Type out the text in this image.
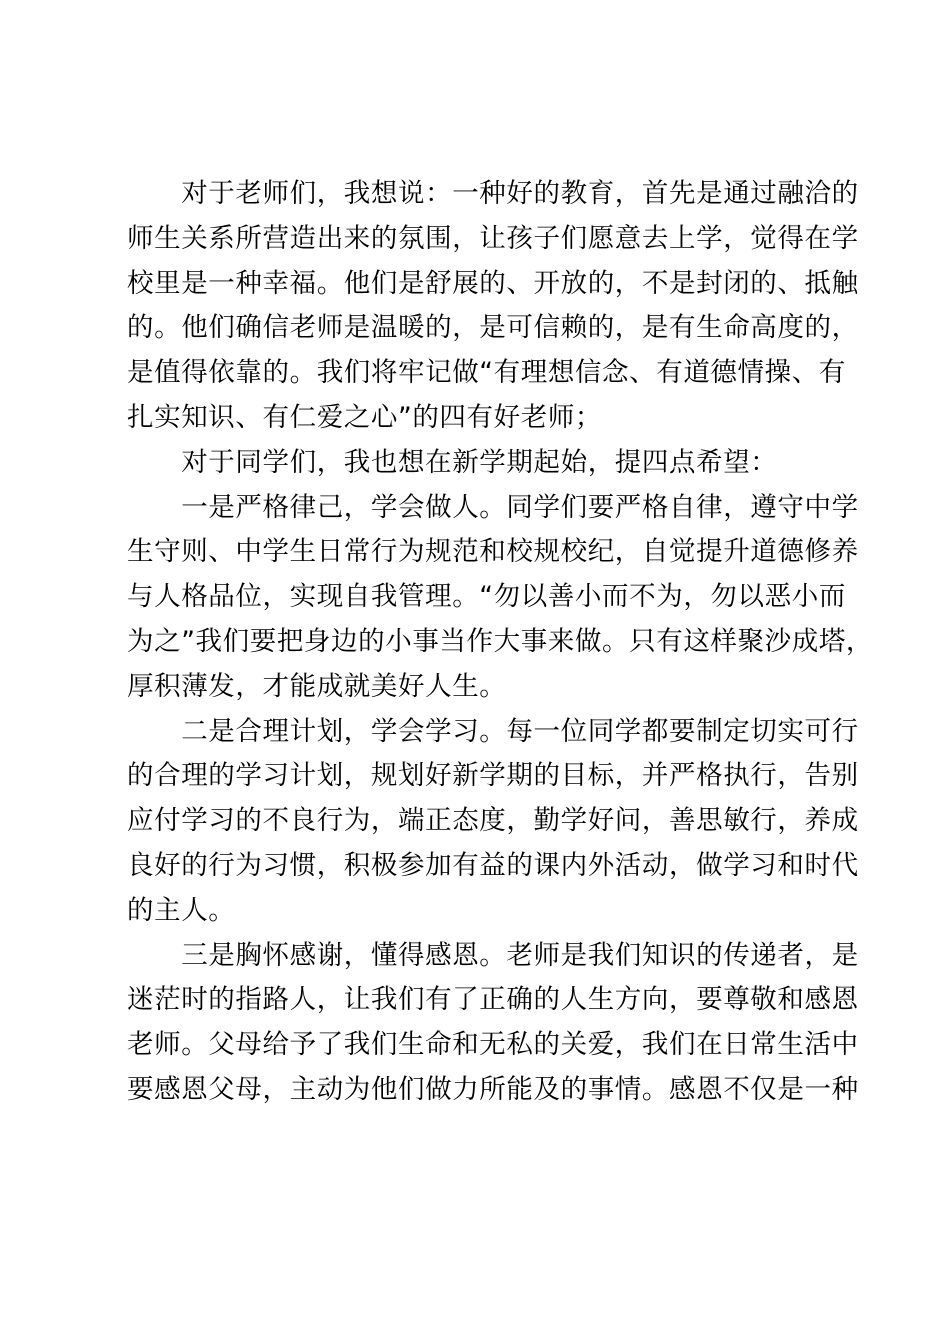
　　对于老师们，我想说：一种好的教育，首先是通过融洽的
师生关系所营造出来的氛围，让孩子们愿意去上学，觉得在学
校里是一种幸福。他们是舒展的、开放的，不是封闭的、抵触
的。他们确信老师是温暖的，是可信赖的，是有生命高度的，
是值得依靠的。我们将牢记做“有理想信念、有道德情操、有
扎实知识、有仁爱之心”的四有好老师；
　　对于同学们，我也想在新学期起始，提四点希望：
　　一是严格律己，学会做人。同学们要严格自律，遵守中学
生守则、中学生日常行为规范和校规校纪，自觉提升道德修养
与人格品位，实现自我管理。“勿以善小而不为，勿以恶小而
为之”我们要把身边的小事当作大事来做。只有这样聚沙成塔，
厚积薄发，才能成就美好人生。
　　二是合理计划，学会学习。每一位同学都要制定切实可行
的合理的学习计划，规划好新学期的目标，并严格执行，告别
应付学习的不良行为，端正态度，勤学好问，善思敏行，养成
良好的行为习惯，积极参加有益的课内外活动，做学习和时代
的主人。
　　三是胸怀感谢，懂得感恩。老师是我们知识的传递者，是
迷茫时的指路人，让我们有了正确的人生方向，要尊敬和感恩
老师。父母给予了我们生命和无私的关爱，我们在日常生活中
要感恩父母，主动为他们做力所能及的事情。感恩不仅是一种
